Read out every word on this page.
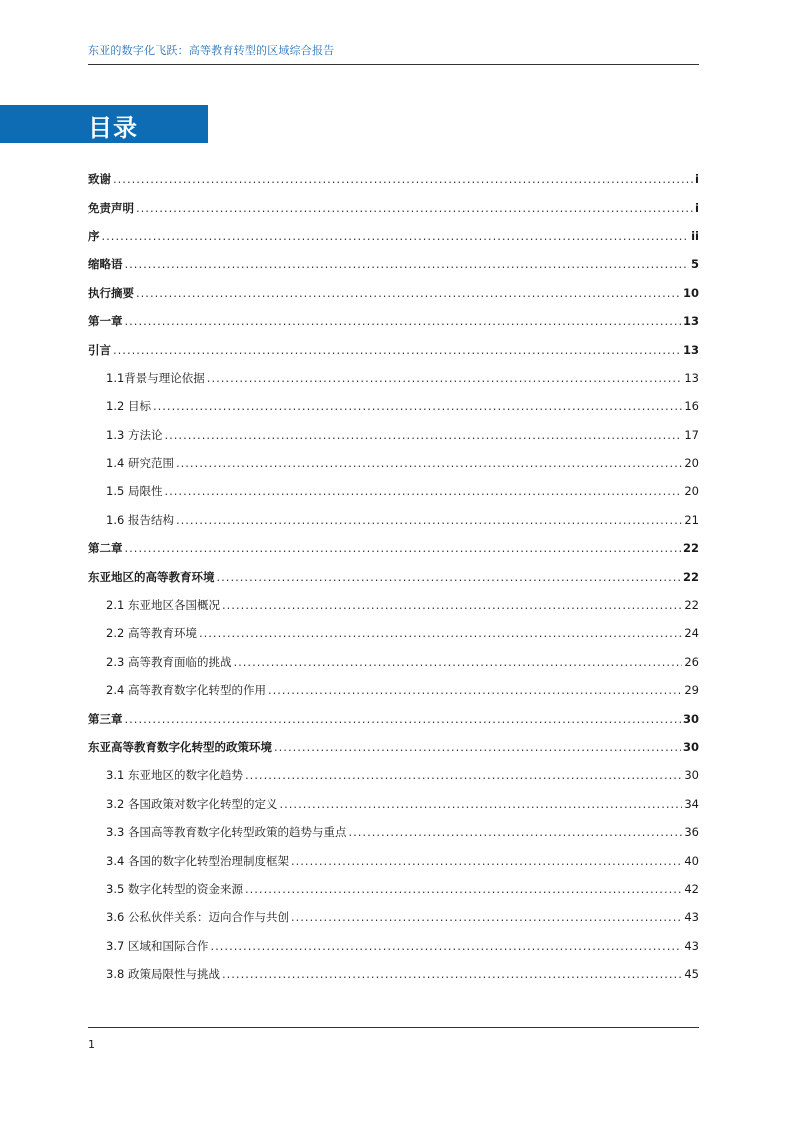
东亚的数字化飞跃：高等教育转型的区域综合报告
目录
致谢 .....	i
免责声明 .....	i
序 .....	ii
缩略语 .....	5
执行摘要 .....	10
第一章 .....	13
引言 .....	13
1.1背景与理论依据 .....	13
1.2 目标 .....	16
1.3 方法论 .....	17
1.4 研究范围 .....	20
1.5 局限性 .....	20
1.6 报告结构 .....	21
第二章 .....	22
东亚地区的高等教育环境 .....	22
2.1 东亚地区各国概况 .....	22
2.2 高等教育环境 .....	24
2.3 高等教育面临的挑战 .....	26
2.4 高等教育数字化转型的作用 .....	29
第三章 .....	30
东亚高等教育数字化转型的政策环境 .....	30
3.1 东亚地区的数字化趋势 .....	30
3.2 各国政策对数字化转型的定义 .....	34
3.3 各国高等教育数字化转型政策的趋势与重点 .....	36
3.4 各国的数字化转型治理制度框架 .....	40
3.5 数字化转型的资金来源 .....	42
3.6 公私伙伴关系：迈向合作与共创 .....	43
3.7 区域和国际合作 .....	43
3.8 政策局限性与挑战 .....	45
1
